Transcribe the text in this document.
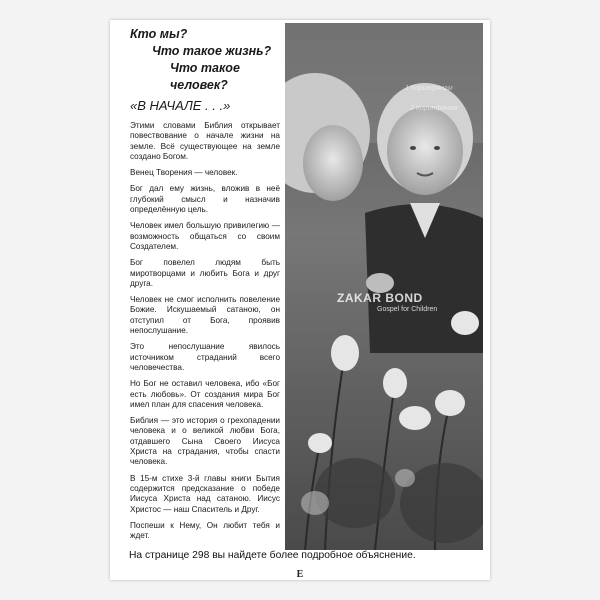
Кто мы?
Что такое жизнь?
Что такое человек?
«В НАЧАЛЕ . . .»

Этими словами Библия открывает повествование о начале жизни на земле. Всё существующее на земле создано Богом.

Венец Творения — человек.

Бог дал ему жизнь, вложив в неё глубокий смысл и назначив определённую цель.

Человек имел большую привилегию — возможность общаться со своим Создателем.

Бог повелел людям быть миротворцами и любить Бога и друг друга.

Человек не смог исполнить повеление Божие. Искушаемый сатаною, он отступил от Бога, проявив непослушание.

Это непослушание явилось источником страданий всего человечества.

Но Бог не оставил человека, ибо «Бог есть любовь». От создания мира Бог имел план для спасения человека.

Библия — это история о грехопадении человека и о великой любви Бога, отдавшего Сына Своего Иисуса Христа на страдания, чтобы спасти человека.

В 15-м стихе 3-й главы книги Бытия содержится предсказание о победе Иисуса Христа над сатаною. Иисус Христос — наш Спаситель и Друг.

Поспеши к Нему, Он любит тебя и ждет.

1 Коринфянам
2 Коринфянам
ZAKAR BOND
Gospel for Children
На странице 298 вы найдете более подробное объяснение.
E
